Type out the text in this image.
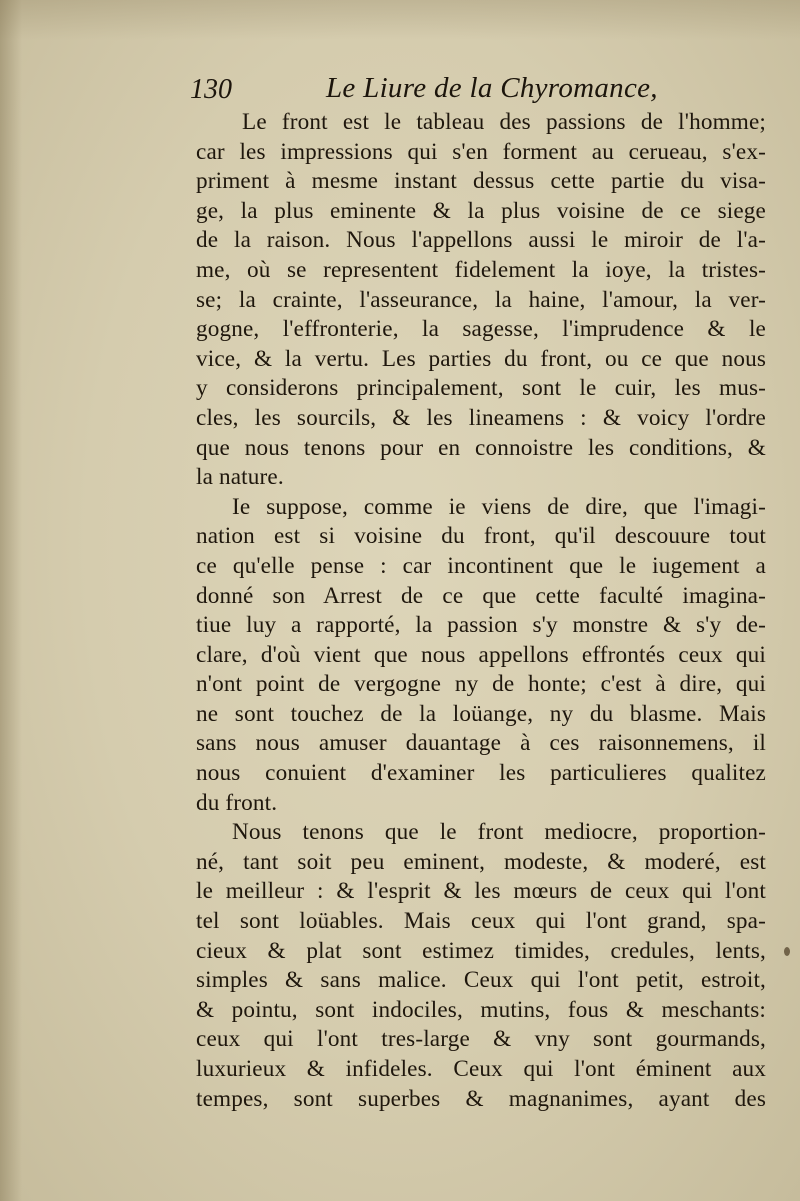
130	Le Liure de la Chyromance,
Le front est le tableau des passions de l'homme;
car les impressions qui s'en forment au cerueau, s'ex-
priment à mesme instant dessus cette partie du visa-
ge, la plus eminente & la plus voisine de ce siege
de la raison. Nous l'appellons aussi le miroir de l'a-
me, où se representent fidelement la ioye, la tristes-
se; la crainte, l'asseurance, la haine, l'amour, la ver-
gogne, l'effronterie, la sagesse, l'imprudence & le
vice, & la vertu. Les parties du front, ou ce que nous
y considerons principalement, sont le cuir, les mus-
cles, les sourcils, & les lineamens : & voicy l'ordre
que nous tenons pour en connoistre les conditions, &
la nature.
Ie suppose, comme ie viens de dire, que l'imagi-
nation est si voisine du front, qu'il descouure tout
ce qu'elle pense : car incontinent que le iugement a
donné son Arrest de ce que cette faculté imagina-
tiue luy a rapporté, la passion s'y monstre & s'y de-
clare, d'où vient que nous appellons effrontés ceux qui
n'ont point de vergogne ny de honte; c'est à dire, qui
ne sont touchez de la loüange, ny du blasme. Mais
sans nous amuser dauantage à ces raisonnemens, il
nous conuient d'examiner les particulieres qualitez
du front.
Nous tenons que le front mediocre, proportion-
né, tant soit peu eminent, modeste, & moderé, est
le meilleur : & l'esprit & les mœurs de ceux qui l'ont
tel sont loüables. Mais ceux qui l'ont grand, spa-
cieux & plat sont estimez timides, credules, lents,
simples & sans malice. Ceux qui l'ont petit, estroit,
& pointu, sont indociles, mutins, fous & meschants:
ceux qui l'ont tres-large & vny sont gourmands,
luxurieux & infideles. Ceux qui l'ont éminent aux
tempes, sont superbes & magnanimes, ayant des
